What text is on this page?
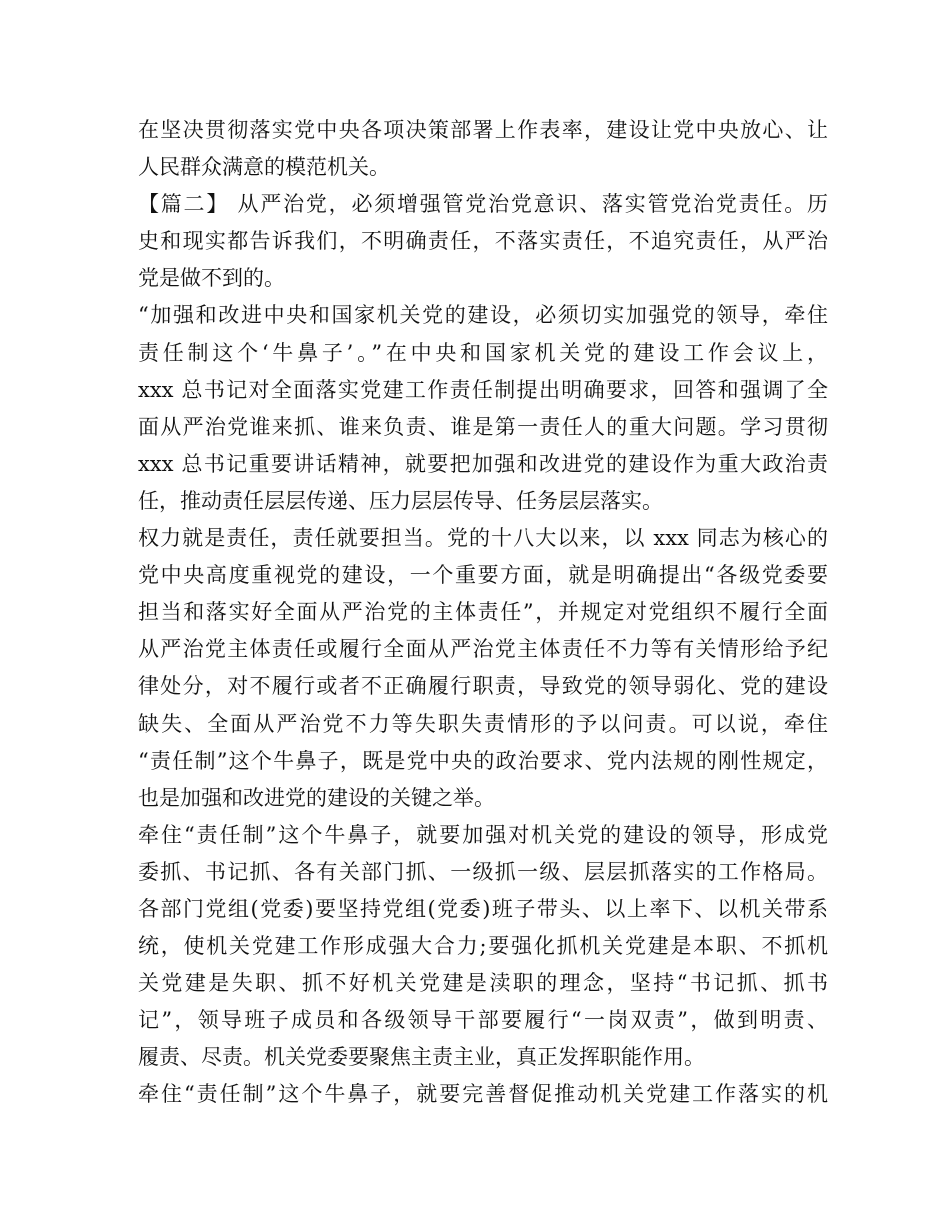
在坚决贯彻落实党中央各项决策部署上作表率，建设让党中央放心、让
人民群众满意的模范机关。
【篇二】 从严治党，必须增强管党治党意识、落实管党治党责任。历
史和现实都告诉我们，不明确责任，不落实责任，不追究责任，从严治
党是做不到的。
“加强和改进中央和国家机关党的建设，必须切实加强党的领导，牵住
责任制这个‘牛鼻子’。”在中央和国家机关党的建设工作会议上，
xxx 总书记对全面落实党建工作责任制提出明确要求，回答和强调了全
面从严治党谁来抓、谁来负责、谁是第一责任人的重大问题。学习贯彻
xxx 总书记重要讲话精神，就要把加强和改进党的建设作为重大政治责
任，推动责任层层传递、压力层层传导、任务层层落实。
权力就是责任，责任就要担当。党的十八大以来，以 xxx 同志为核心的
党中央高度重视党的建设，一个重要方面，就是明确提出“各级党委要
担当和落实好全面从严治党的主体责任”，并规定对党组织不履行全面
从严治党主体责任或履行全面从严治党主体责任不力等有关情形给予纪
律处分，对不履行或者不正确履行职责，导致党的领导弱化、党的建设
缺失、全面从严治党不力等失职失责情形的予以问责。可以说，牵住
“责任制”这个牛鼻子，既是党中央的政治要求、党内法规的刚性规定，
也是加强和改进党的建设的关键之举。
牵住“责任制”这个牛鼻子，就要加强对机关党的建设的领导，形成党
委抓、书记抓、各有关部门抓、一级抓一级、层层抓落实的工作格局。
各部门党组(党委)要坚持党组(党委)班子带头、以上率下、以机关带系
统，使机关党建工作形成强大合力;要强化抓机关党建是本职、不抓机
关党建是失职、抓不好机关党建是渎职的理念，坚持“书记抓、抓书
记”，领导班子成员和各级领导干部要履行“一岗双责”，做到明责、
履责、尽责。机关党委要聚焦主责主业，真正发挥职能作用。
牵住“责任制”这个牛鼻子，就要完善督促推动机关党建工作落实的机
